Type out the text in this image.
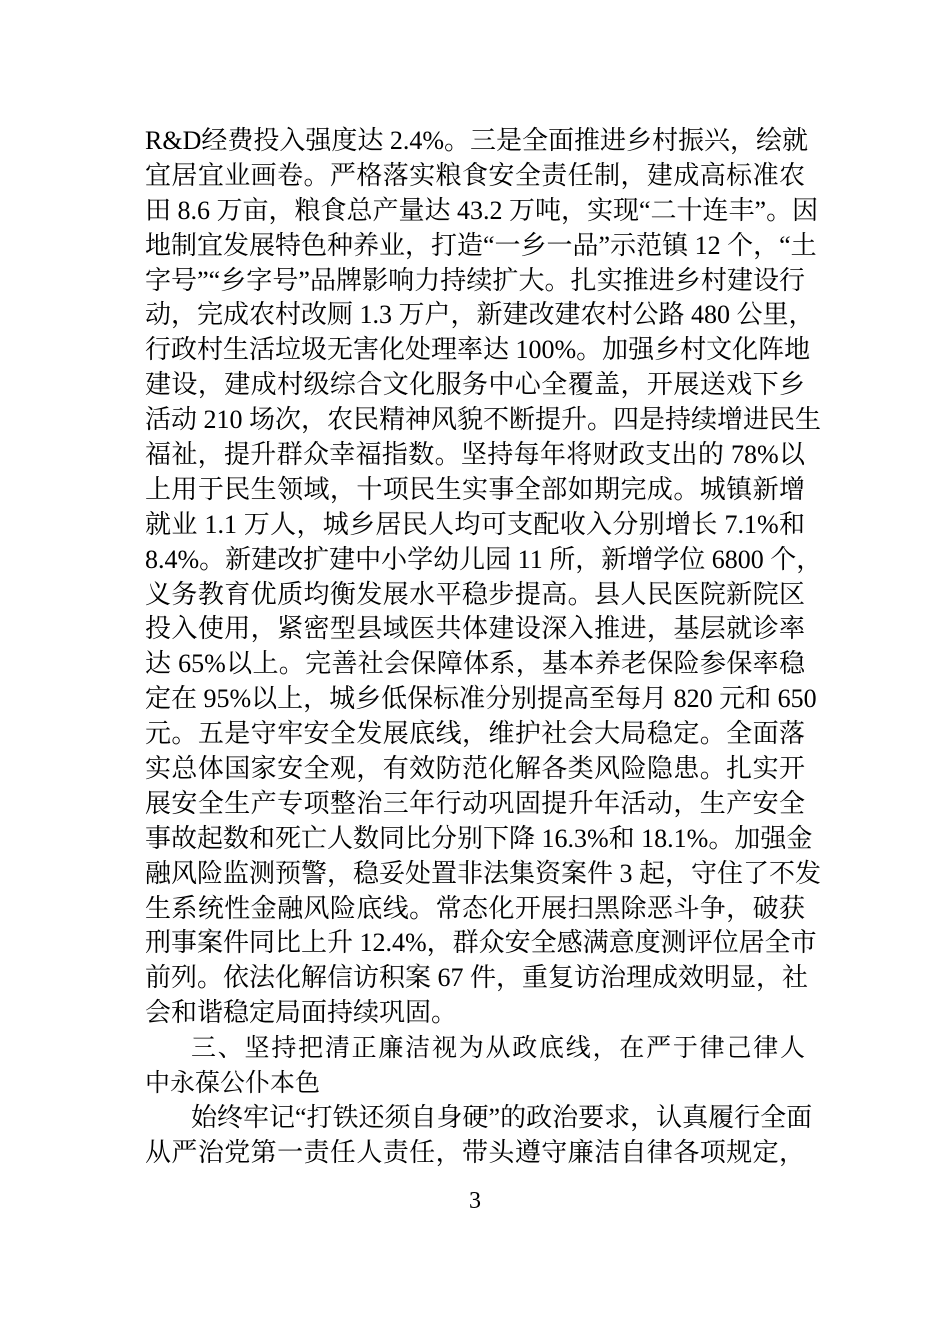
R&D经费投入强度达 2.4%。三是全面推进乡村振兴，绘就
宜居宜业画卷。严格落实粮食安全责任制，建成高标准农
田 8.6 万亩，粮食总产量达 43.2 万吨，实现“二十连丰”。因
地制宜发展特色种养业，打造“一乡一品”示范镇 12 个，“土
字号”“乡字号”品牌影响力持续扩大。扎实推进乡村建设行
动，完成农村改厕 1.3 万户，新建改建农村公路 480 公里，
行政村生活垃圾无害化处理率达 100%。加强乡村文化阵地
建设，建成村级综合文化服务中心全覆盖，开展送戏下乡
活动 210 场次，农民精神风貌不断提升。四是持续增进民生
福祉，提升群众幸福指数。坚持每年将财政支出的 78%以
上用于民生领域，十项民生实事全部如期完成。城镇新增
就业 1.1 万人，城乡居民人均可支配收入分别增长 7.1%和
8.4%。新建改扩建中小学幼儿园 11 所，新增学位 6800 个，
义务教育优质均衡发展水平稳步提高。县人民医院新院区
投入使用，紧密型县域医共体建设深入推进，基层就诊率
达 65%以上。完善社会保障体系，基本养老保险参保率稳
定在 95%以上，城乡低保标准分别提高至每月 820 元和 650
元。五是守牢安全发展底线，维护社会大局稳定。全面落
实总体国家安全观，有效防范化解各类风险隐患。扎实开
展安全生产专项整治三年行动巩固提升年活动，生产安全
事故起数和死亡人数同比分别下降 16.3%和 18.1%。加强金
融风险监测预警，稳妥处置非法集资案件 3 起，守住了不发
生系统性金融风险底线。常态化开展扫黑除恶斗争，破获
刑事案件同比上升 12.4%，群众安全感满意度测评位居全市
前列。依法化解信访积案 67 件，重复访治理成效明显，社
会和谐稳定局面持续巩固。
三、坚持把清正廉洁视为从政底线，在严于律己律人
中永葆公仆本色
始终牢记“打铁还须自身硬”的政治要求，认真履行全面
从严治党第一责任人责任，带头遵守廉洁自律各项规定，
3
